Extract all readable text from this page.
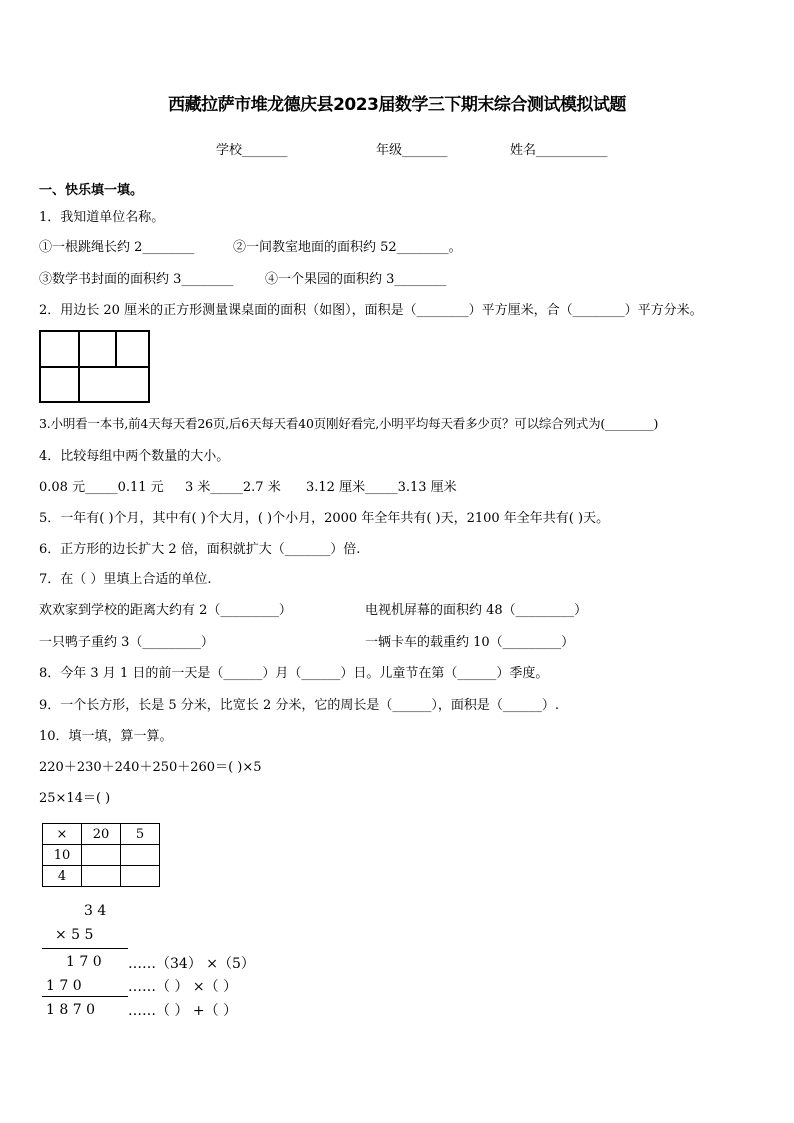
西藏拉萨市堆龙德庆县2023届数学三下期末综合测试模拟试题
学校_______	年级_______	姓名___________
一、快乐填一填。
1．我知道单位名称。
①一根跳绳长约 2________	②一间教室地面的面积约 52________。
③数学书封面的面积约 3________ ④一个果园的面积约 3________
2．用边长 20 厘米的正方形测量课桌面的面积（如图），面积是（________）平方厘米，合（________）平方分米。
3.小明看一本书,前4天每天看26页,后6天每天看40页刚好看完,小明平均每天看多少页？可以综合列式为(________)
4．比较每组中两个数量的大小。
0.08 元_____0.11 元 3 米_____2.7 米 3.12 厘米_____3.13 厘米
5．一年有( )个月，其中有( )个大月，( )个小月，2000 年全年共有( )天，2100 年全年共有( )天。
6．正方形的边长扩大 2 倍，面积就扩大（_______）倍.
7．在（ ）里填上合适的单位.
欢欢家到学校的距离大约有 2（_________）	电视机屏幕的面积约 48（_________）
一只鸭子重约 3（_________）	一辆卡车的载重约 10（_________）
8．今年 3 月 1 日的前一天是（______）月（______）日。儿童节在第（______）季度。
9．一个长方形，长是 5 分米，比宽长 2 分米，它的周长是（______），面积是（______）.
10．填一填，算一算。
220＋230＋240＋250＋260＝( )×5
25×14＝( )
×	20	5
10		
4		
3 4
× 5 5
1 7 0 ……（34） ×（5）
1 7 0	……（ ） ×（ ）
1 8 7 0 ……（ ） +（ ）
